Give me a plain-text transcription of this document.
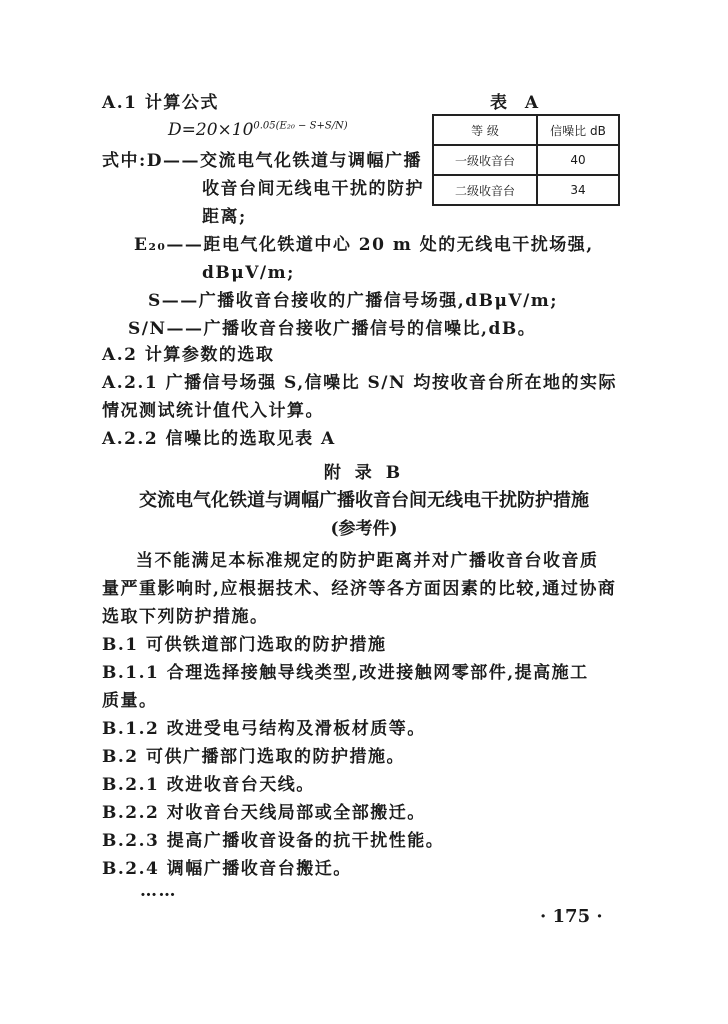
A.1 计算公式
$D=20\times 10^{0.05(E_{20} - S+S/N)}$
式中:D——交流电气化铁道与调幅广播
收音台间无线电干扰的防护
距离;
E₂₀——距电气化铁道中心 20 m 处的无线电干扰场强,
dBμV/m;
S——广播收音台接收的广播信号场强,dBμV/m;
S/N——广播收音台接收广播信号的信噪比,dB。
表 A
等 级	信噪比 dB
一级收音台	40
二级收音台	34
A.2 计算参数的选取
A.2.1 广播信号场强 S,信噪比 S/N 均按收音台所在地的实际
情况测试统计值代入计算。
A.2.2 信噪比的选取见表 A
附 录 B
交流电气化铁道与调幅广播收音台间无线电干扰防护措施
(参考件)
当不能满足本标准规定的防护距离并对广播收音台收音质
量严重影响时,应根据技术、经济等各方面因素的比较,通过协商
选取下列防护措施。
B.1 可供铁道部门选取的防护措施
B.1.1 合理选择接触导线类型,改进接触网零部件,提高施工
质量。
B.1.2 改进受电弓结构及滑板材质等。
B.2 可供广播部门选取的防护措施。
B.2.1 改进收音台天线。
B.2.2 对收音台天线局部或全部搬迁。
B.2.3 提高广播收音设备的抗干扰性能。
B.2.4 调幅广播收音台搬迁。
……
· 175 ·
